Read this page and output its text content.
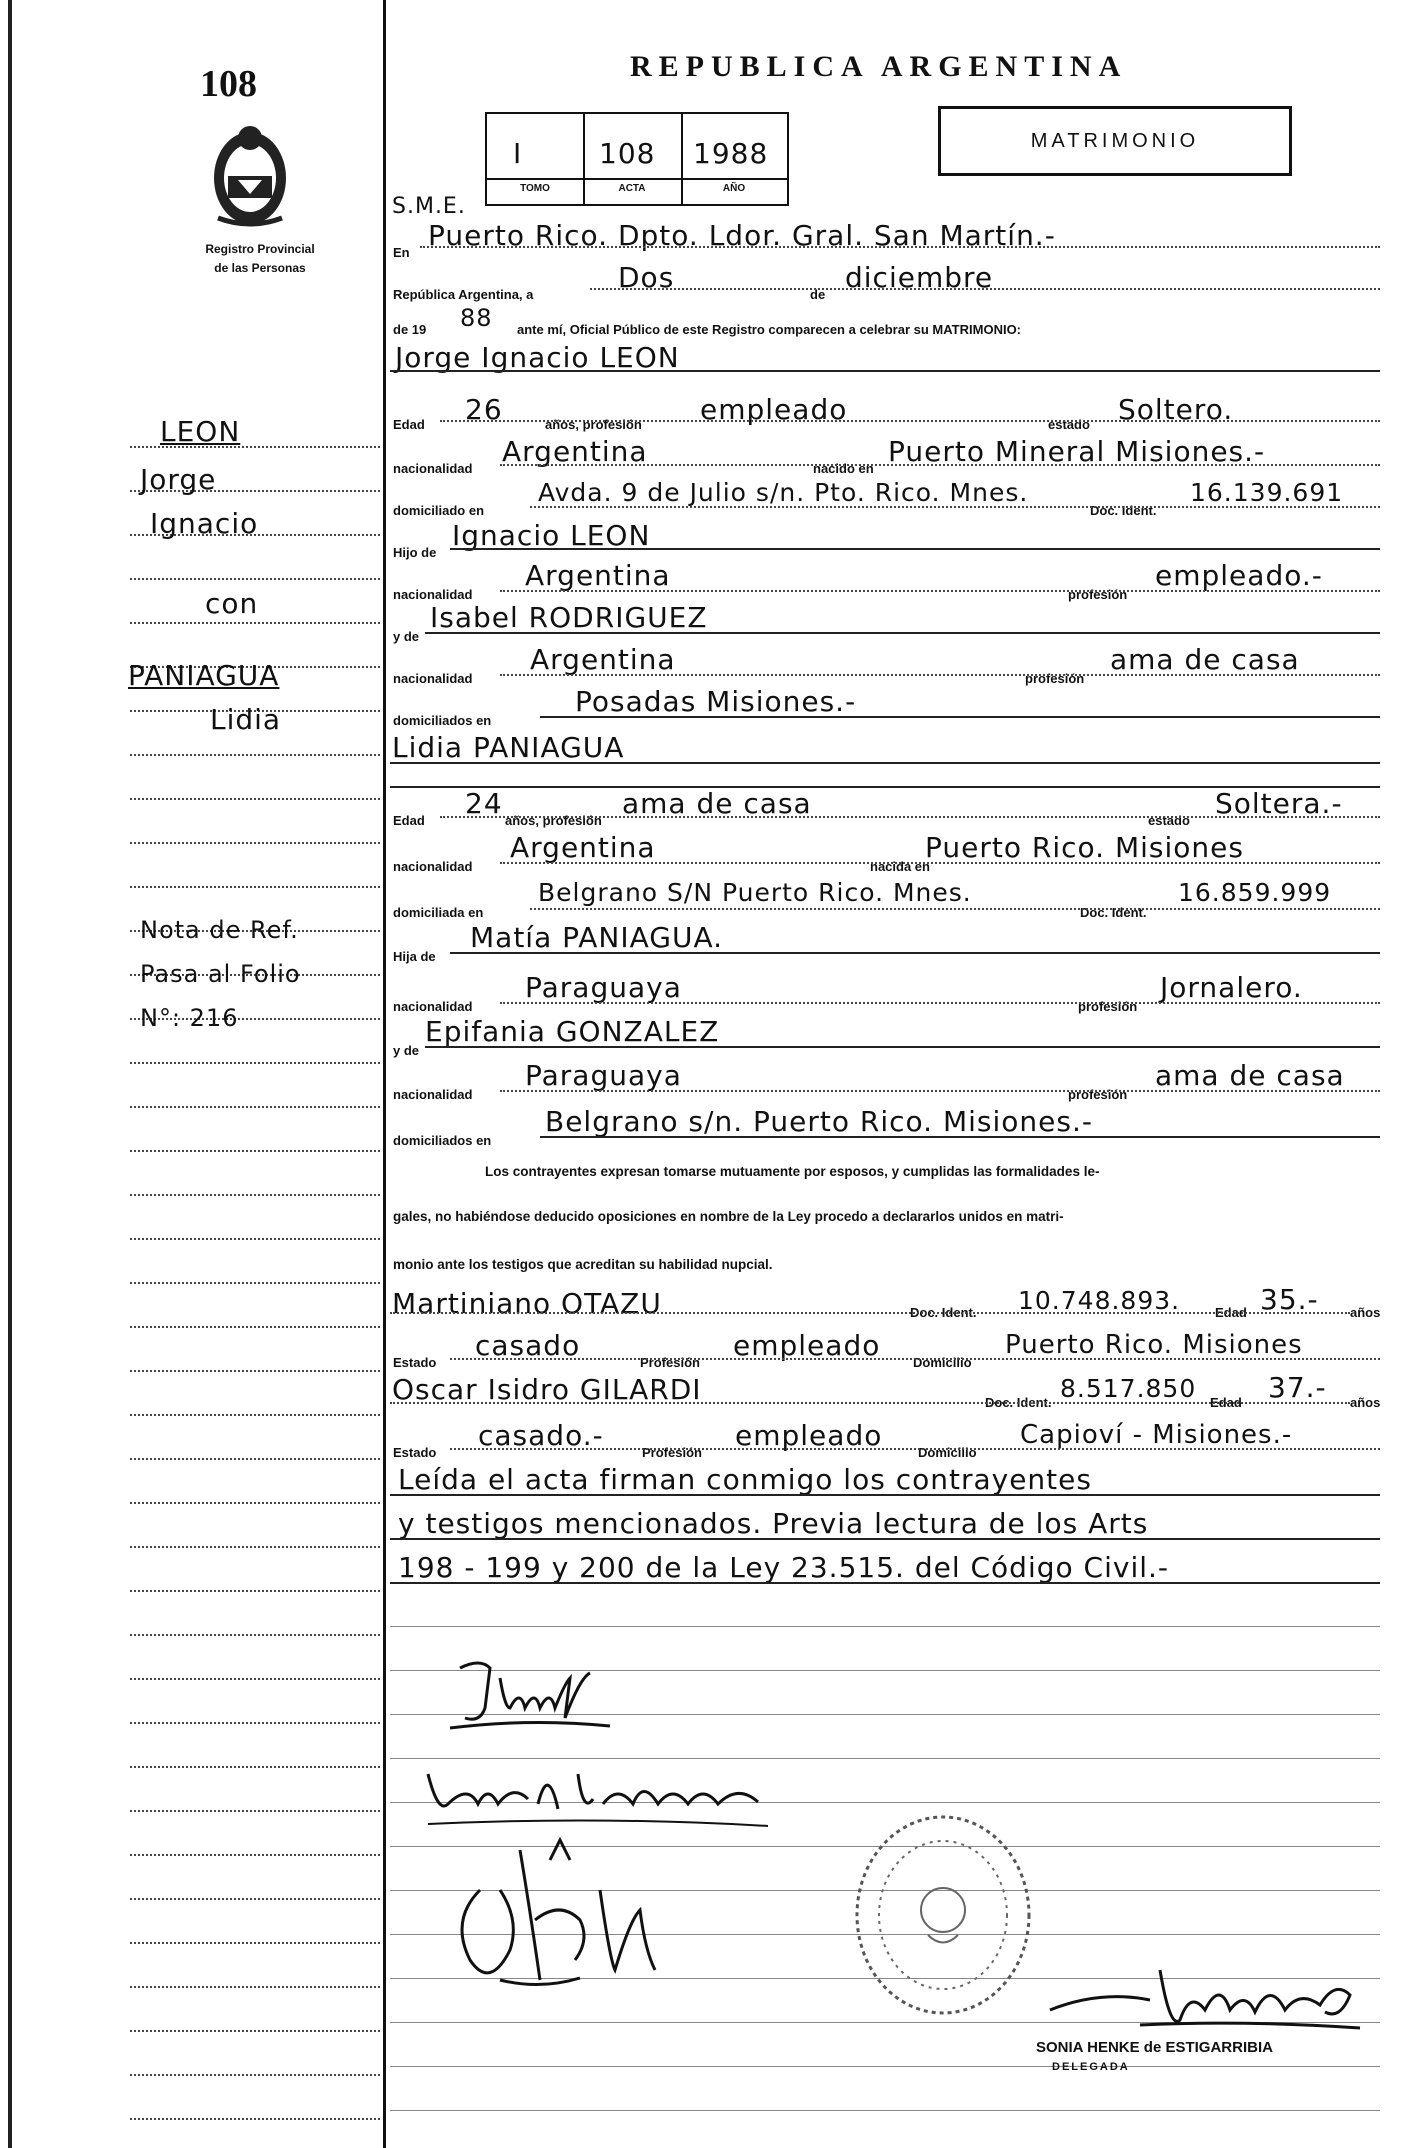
108
Registro Provincial
de las Personas
LEON
Jorge
Ignacio
con
PANIAGUA
Lidia
Nota de Ref.
Pasa al Folio
N°: 216
REPUBLICA ARGENTINA
I	108 1988
TOMO	ACTA	AÑO
MATRIMONIO
S.M.E.
En
Puerto Rico. Dpto. Ldor. Gral. San Martín.-
República Argentina, a
Dos
de
diciembre
de 19 88 ante mí, Oficial Público de este Registro comparecen a celebrar su MATRIMONIO:
Jorge Ignacio LEON
Edad 26	años, profesión empleado	estado Soltero.
nacionalidad
Argentina
nacido en
Puerto Mineral Misiones.-
domiciliado en
Avda. 9 de Julio s/n. Pto. Rico. Mnes.
Doc. Ident.
16.139.691
Hijo de
Ignacio LEON
nacionalidad
Argentina
profesión
empleado.-
y de
Isabel RODRIGUEZ
nacionalidad
Argentina
profesión
ama de casa
domiciliados en
Posadas Misiones.-
Lidia PANIAGUA
Edad
24
años, profesión
ama de casa
estado
Soltera.-
nacionalidad
Argentina
nacida en
Puerto Rico. Misiones
domiciliada en
Belgrano S/N Puerto Rico. Mnes.
Doc. Ident.
16.859.999
Hija de
Matía PANIAGUA.
nacionalidad
Paraguaya
profesión
Jornalero.
y de
Epifania GONZALEZ
nacionalidad
Paraguaya
profesión
ama de casa
domiciliados en
Belgrano s/n. Puerto Rico. Misiones.-
Los contrayentes expresan tomarse mutuamente por esposos, y cumplidas las formalidades le-
gales, no habiéndose deducido oposiciones en nombre de la Ley procedo a declararlos unidos en matri-
monio ante los testigos que acreditan su habilidad nupcial.
Martiniano OTAZU	Doc. Ident. 10.748.893.	Edad 35.- años
Estado
casado
Profesión
empleado
Domicilio
Puerto Rico. Misiones
Oscar Isidro GILARDI	Doc. Ident. 8.517.850 Edad 37.- años
Estado
casado.-
Profesión
empleado
Domicilio
Capioví - Misiones.-
Leída el acta firman conmigo los contrayentes
y testigos mencionados. Previa lectura de los Arts
198 - 199 y 200 de la Ley 23.515. del Código Civil.-
SONIA HENKE de ESTIGARRIBIA
DELEGADA
